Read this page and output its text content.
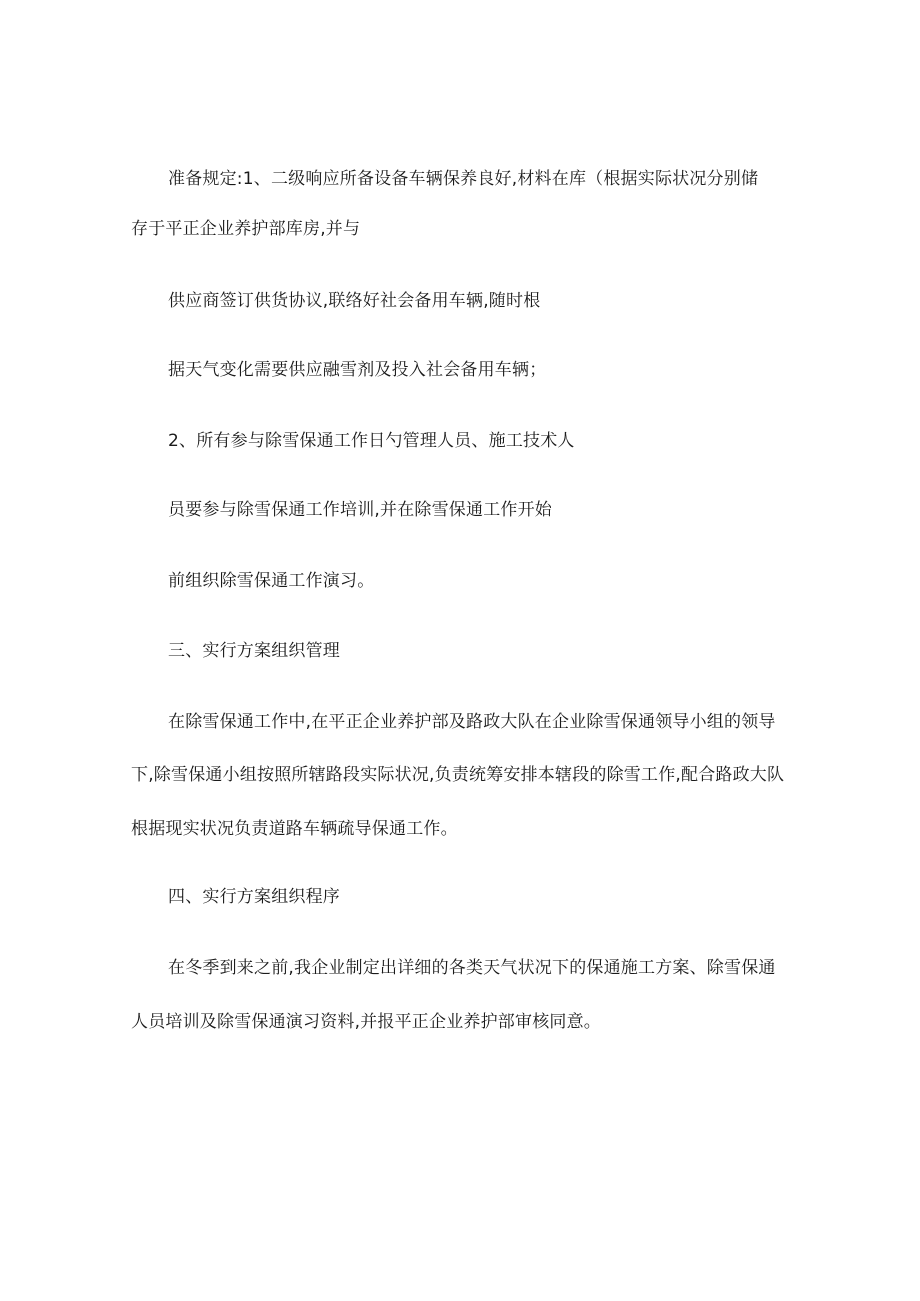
准备规定:1、二级响应所备设备车辆保养良好,材料在库（根据实际状况分别储
存于平正企业养护部库房,并与
供应商签订供货协议,联络好社会备用车辆,随时根
据天气变化需要供应融雪剂及投入社会备用车辆；
2、所有参与除雪保通工作日勺管理人员、施工技术人
员要参与除雪保通工作培训,并在除雪保通工作开始
前组织除雪保通工作演习。
三、实行方案组织管理
在除雪保通工作中,在平正企业养护部及路政大队在企业除雪保通领导小组的领导
下,除雪保通小组按照所辖路段实际状况,负责统筹安排本辖段的除雪工作,配合路政大队
根据现实状况负责道路车辆疏导保通工作。
四、实行方案组织程序
在冬季到来之前,我企业制定出详细的各类天气状况下的保通施工方案、除雪保通
人员培训及除雪保通演习资料,并报平正企业养护部审核同意。
